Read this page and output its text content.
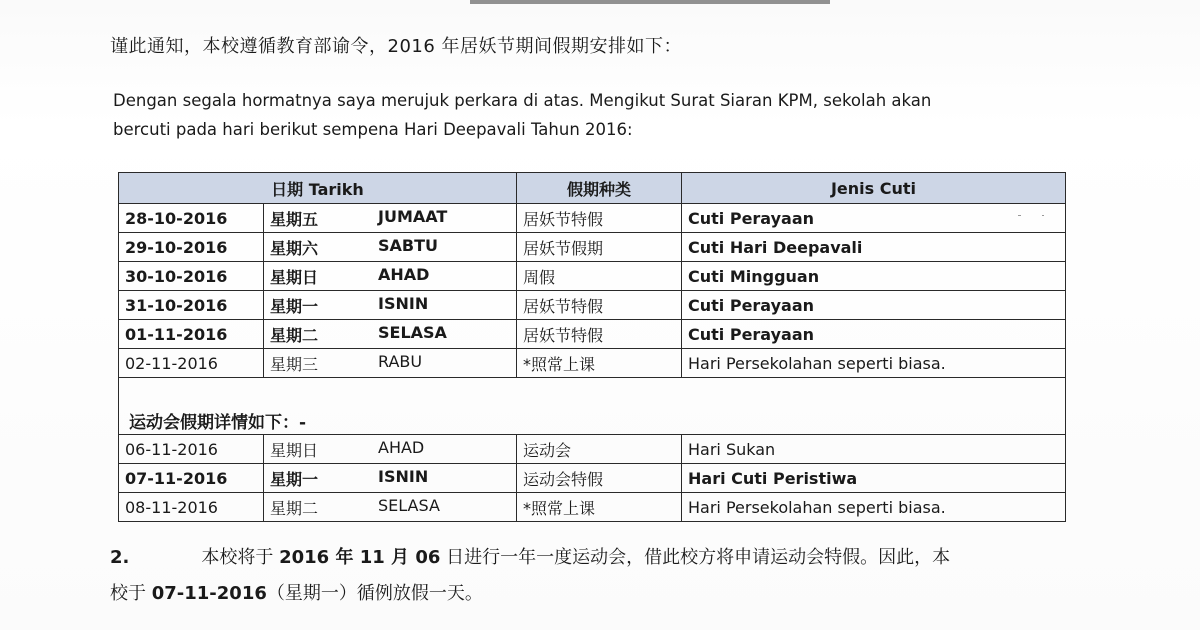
谨此通知，本校遵循教育部谕令，2016 年居妖节期间假期安排如下：
Dengan segala hormatnya saya merujuk perkara di atas. Mengikut Surat Siaran KPM, sekolah akan
bercuti pada hari berikut sempena Hari Deepavali Tahun 2016:
日期 Tarikh		假期种类	Jenis Cuti
28-10-2016	星期五 JUMAAT	居妖节特假	Cuti Perayaan
29-10-2016	星期六 SABTU	居妖节假期	Cuti Hari Deepavali
30-10-2016	星期日 AHAD	周假	Cuti Mingguan
31-10-2016	星期一 ISNIN	居妖节特假	Cuti Perayaan
01-11-2016	星期二 SELASA	居妖节特假	Cuti Perayaan
02-11-2016	星期三 RABU	*照常上课	Hari Persekolahan seperti biasa.

运动会假期详情如下：-			
06-11-2016	星期日 AHAD	运动会	Hari Sukan
07-11-2016	星期一 ISNIN	运动会特假	Hari Cuti Peristiwa
08-11-2016	星期二 SELASA	*照常上课	Hari Persekolahan seperti biasa.
2.	本校将于 2016 年 11 月 06 日进行一年一度运动会，借此校方将申请运动会特假。因此，本
校于 07-11-2016（星期一）循例放假一天。
